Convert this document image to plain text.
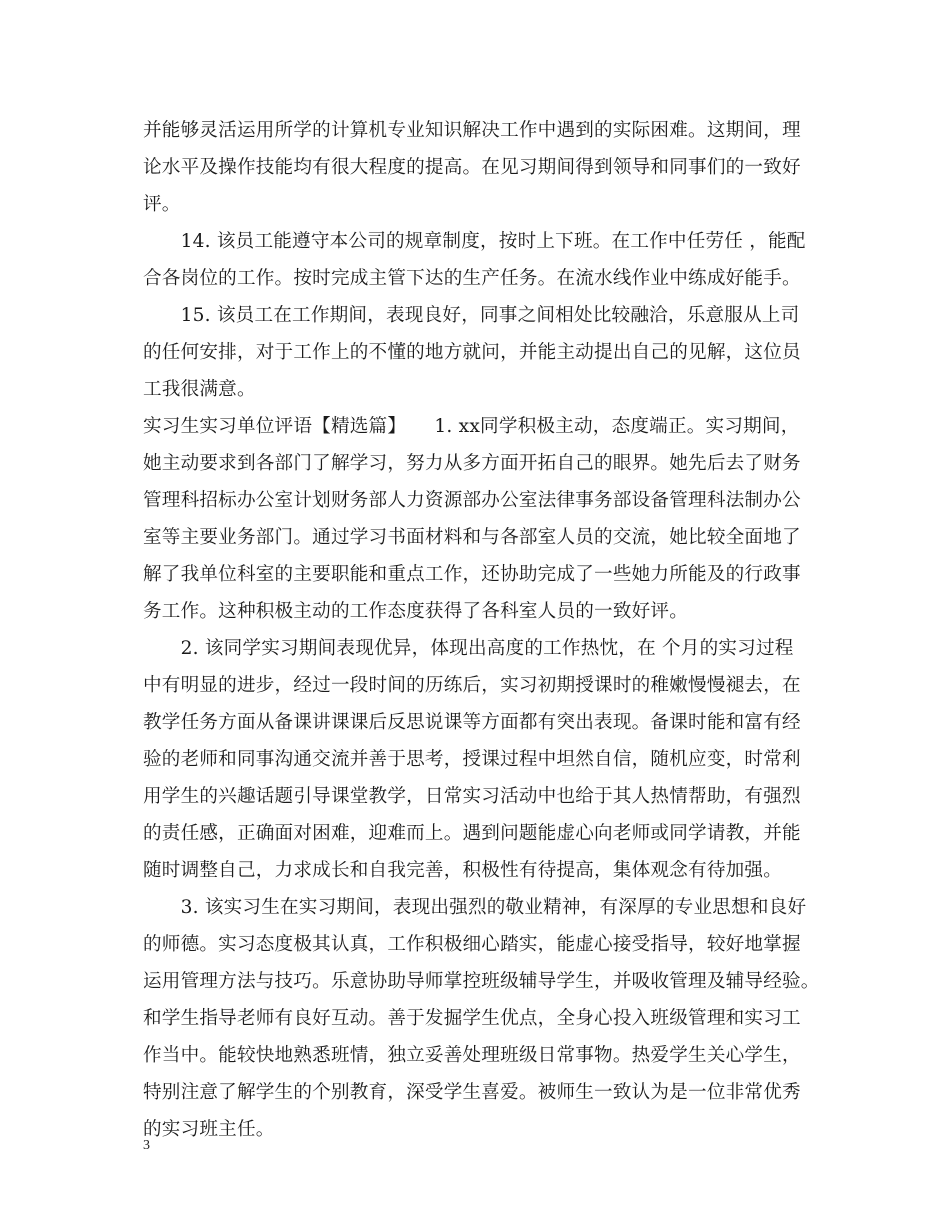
并能够灵活运用所学的计算机专业知识解决工作中遇到的实际困难。这期间，理
论水平及操作技能均有很大程度的提高。在见习期间得到领导和同事们的一致好
评。
　　14. 该员工能遵守本公司的规章制度，按时上下班。在工作中任劳任 ，能配
合各岗位的工作。按时完成主管下达的生产任务。在流水线作业中练成好能手。
　　15. 该员工在工作期间，表现良好，同事之间相处比较融洽，乐意服从上司
的任何安排，对于工作上的不懂的地方就问，并能主动提出自己的见解，这位员
工我很满意。
实习生实习单位评语【精选篇】　　1. xx同学积极主动，态度端正。实习期间，
她主动要求到各部门了解学习，努力从多方面开拓自己的眼界。她先后去了财务
管理科招标办公室计划财务部人力资源部办公室法律事务部设备管理科法制办公
室等主要业务部门。通过学习书面材料和与各部室人员的交流，她比较全面地了
解了我单位科室的主要职能和重点工作，还协助完成了一些她力所能及的行政事
务工作。这种积极主动的工作态度获得了各科室人员的一致好评。
　　2. 该同学实习期间表现优异，体现出高度的工作热忱，在 个月的实习过程
中有明显的进步，经过一段时间的历练后，实习初期授课时的稚嫩慢慢褪去，在
教学任务方面从备课讲课课后反思说课等方面都有突出表现。备课时能和富有经
验的老师和同事沟通交流并善于思考，授课过程中坦然自信，随机应变，时常利
用学生的兴趣话题引导课堂教学，日常实习活动中也给于其人热情帮助，有强烈
的责任感，正确面对困难，迎难而上。遇到问题能虚心向老师或同学请教，并能
随时调整自己，力求成长和自我完善，积极性有待提高，集体观念有待加强。
　　3. 该实习生在实习期间，表现出强烈的敬业精神，有深厚的专业思想和良好
的师德。实习态度极其认真，工作积极细心踏实，能虚心接受指导，较好地掌握
运用管理方法与技巧。乐意协助导师掌控班级辅导学生，并吸收管理及辅导经验。
和学生指导老师有良好互动。善于发掘学生优点，全身心投入班级管理和实习工
作当中。能较快地熟悉班情，独立妥善处理班级日常事物。热爱学生关心学生，
特别注意了解学生的个别教育，深受学生喜爱。被师生一致认为是一位非常优秀
的实习班主任。
3
